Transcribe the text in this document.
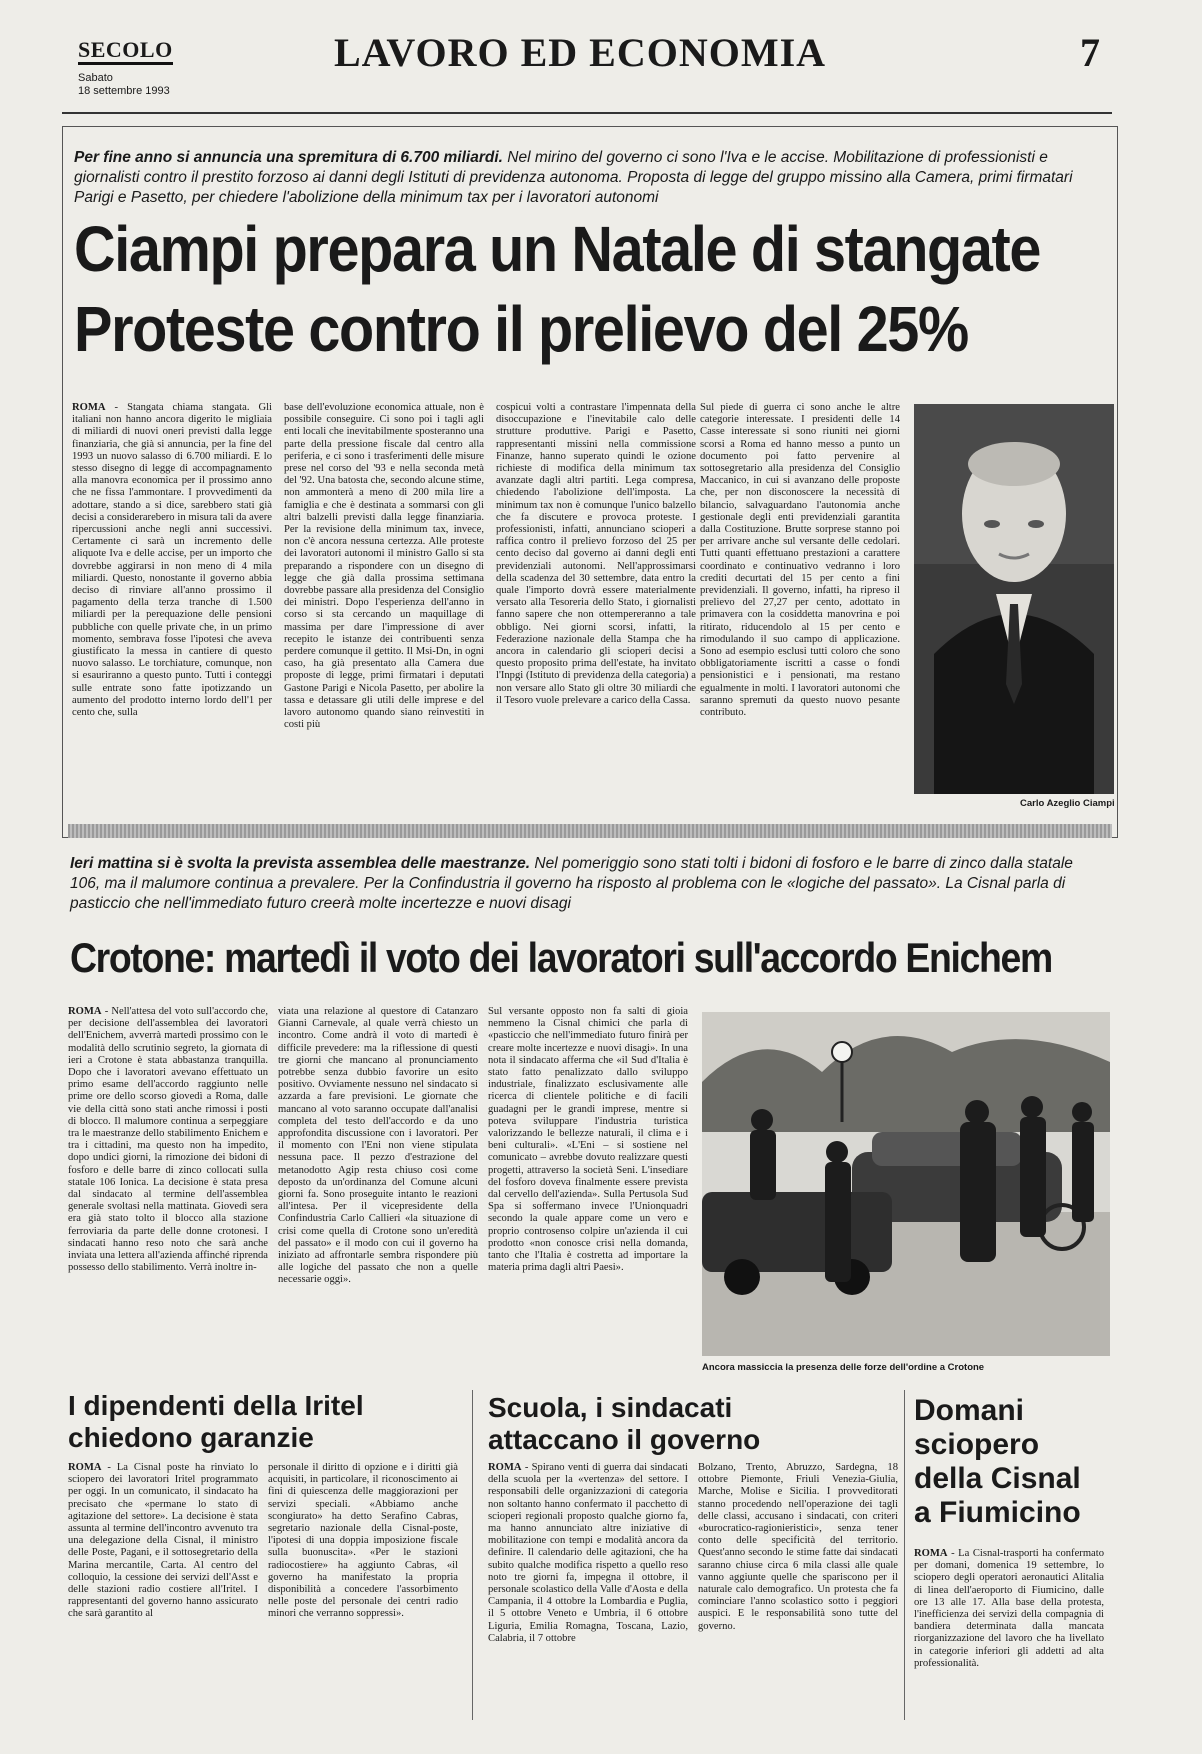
SECOLO
Sabato
18 settembre 1993
LAVORO ED ECONOMIA	7
Per fine anno si annuncia una spremitura di 6.700 miliardi. Nel mirino del governo ci sono l'Iva e le accise. Mobilitazione di professionisti e giornalisti contro il prestito forzoso ai danni degli Istituti di previdenza autonoma. Proposta di legge del gruppo missino alla Camera, primi firmatari Parigi e Pasetto, per chiedere l'abolizione della minimum tax per i lavoratori autonomi
Ciampi prepara un Natale di stangate
Proteste contro il prelievo del 25%
ROMA - Stangata chiama stangata. Gli italiani non hanno ancora digerito le migliaia di miliardi di nuovi oneri previsti dalla legge finanziaria, che già si annuncia, per la fine del 1993 un nuovo salasso di 6.700 miliardi. E lo stesso disegno di legge di accompagnamento alla manovra economica per il prossimo anno che ne fissa l'ammontare. I provvedimenti da adottare, stando a si dice, sarebbero stati già decisi a considerarebero in misura tali da avere ripercussioni anche negli anni successivi. Certamente ci sarà un incremento delle aliquote Iva e delle accise, per un importo che dovrebbe aggirarsi in non meno di 4 mila miliardi. Questo, nonostante il governo abbia deciso di rinviare all'anno prossimo il pagamento della terza tranche di 1.500 miliardi per la perequazione delle pensioni pubbliche con quelle private che, in un primo momento, sembrava fosse l'ipotesi che aveva giustificato la messa in cantiere di questo nuovo salasso. Le torchiature, comunque, non si esauriranno a questo punto. Tutti i conteggi sulle entrate sono fatte ipotizzando un aumento del prodotto interno lordo dell'1 per cento che, sulla
base dell'evoluzione economica attuale, non è possibile conseguire. Ci sono poi i tagli agli enti locali che inevitabilmente sposteranno una parte della pressione fiscale dal centro alla periferia, e ci sono i trasferimenti delle misure prese nel corso del '93 e nella seconda metà del '92. Una batosta che, secondo alcune stime, non ammonterà a meno di 200 mila lire a famiglia e che è destinata a sommarsi con gli altri balzelli previsti dalla legge finanziaria. Per la revisione della minimum tax, invece, non c'è ancora nessuna certezza. Alle proteste dei lavoratori autonomi il ministro Gallo si sta preparando a rispondere con un disegno di legge che già dalla prossima settimana dovrebbe passare alla presidenza del Consiglio dei ministri. Dopo l'esperienza dell'anno in corso si sta cercando un maquillage di massima per dare l'impressione di aver recepito le istanze dei contribuenti senza perdere comunque il gettito. Il Msi-Dn, in ogni caso, ha già presentato alla Camera due proposte di legge, primi firmatari i deputati Gastone Parigi e Nicola Pasetto, per abolire la tassa e detassare gli utili delle imprese e del lavoro autonomo quando siano reinvestiti in costi più
cospicui volti a contrastare l'impennata della disoccupazione e l'inevitabile calo delle strutture produttive. Parigi e Pasetto, rappresentanti missini nella commissione Finanze, hanno superato quindi le ozione richieste di modifica della minimum tax avanzate dagli altri partiti. Lega compresa, chiedendo l'abolizione dell'imposta. La minimum tax non è comunque l'unico balzello che fa discutere e provoca proteste. I professionisti, infatti, annunciano scioperi a raffica contro il prelievo forzoso del 25 per cento deciso dal governo ai danni degli enti previdenziali autonomi. Nell'approssimarsi della scadenza del 30 settembre, data entro la quale l'importo dovrà essere materialmente versato alla Tesoreria dello Stato, i giornalisti fanno sapere che non ottempereranno a tale obbligo. Nei giorni scorsi, infatti, la Federazione nazionale della Stampa che ha ancora in calendario gli scioperi decisi a questo proposito prima dell'estate, ha invitato l'Inpgi (Istituto di previdenza della categoria) a non versare allo Stato gli oltre 30 miliardi che il Tesoro vuole prelevare a carico della Cassa.
Sul piede di guerra ci sono anche le altre categorie interessate. I presidenti delle 14 Casse interessate si sono riuniti nei giorni scorsi a Roma ed hanno messo a punto un documento poi fatto pervenire al sottosegretario alla presidenza del Consiglio Maccanico, in cui si avanzano delle proposte che, per non disconoscere la necessità di bilancio, salvaguardano l'autonomia anche gestionale degli enti previdenziali garantita dalla Costituzione. Brutte sorprese stanno poi per arrivare anche sul versante delle cedolari. Tutti quanti effettuano prestazioni a carattere coordinato e continuativo vedranno i loro crediti decurtati del 15 per cento a fini previdenziali. Il governo, infatti, ha ripreso il prelievo del 27,27 per cento, adottato in primavera con la cosiddetta manovrina e poi ritirato, riducendolo al 15 per cento e rimodulando il suo campo di applicazione. Sono ad esempio esclusi tutti coloro che sono obbligatoriamente iscritti a casse o fondi pensionistici e i pensionati, ma restano egualmente in molti. I lavoratori autonomi che saranno spremuti da questo nuovo pesante contributo.
Carlo Azeglio Ciampi
Ieri mattina si è svolta la prevista assemblea delle maestranze. Nel pomeriggio sono stati tolti i bidoni di fosforo e le barre di zinco dalla statale 106, ma il malumore continua a prevalere. Per la Confindustria il governo ha risposto al problema con le «logiche del passato». La Cisnal parla di pasticcio che nell'immediato futuro creerà molte incertezze e nuovi disagi
Crotone: martedì il voto dei lavoratori sull'accordo Enichem
ROMA - Nell'attesa del voto sull'accordo che, per decisione dell'assemblea dei lavoratori dell'Enichem, avverrà martedì prossimo con le modalità dello scrutinio segreto, la giornata di ieri a Crotone è stata abbastanza tranquilla. Dopo che i lavoratori avevano effettuato un primo esame dell'accordo raggiunto nelle prime ore dello scorso giovedì a Roma, dalle vie della città sono stati anche rimossi i posti di blocco. Il malumore continua a serpeggiare tra le maestranze dello stabilimento Enichem e tra i cittadini, ma questo non ha impedito, dopo undici giorni, la rimozione dei bidoni di fosforo e delle barre di zinco collocati sulla statale 106 Ionica. La decisione è stata presa dal sindacato al termine dell'assemblea generale svoltasi nella mattinata. Giovedì sera era già stato tolto il blocco alla stazione ferroviaria da parte delle donne crotonesi. I sindacati hanno reso noto che sarà anche inviata una lettera all'azienda affinché riprenda possesso dello stabilimento. Verrà inoltre in-
viata una relazione al questore di Catanzaro Gianni Carnevale, al quale verrà chiesto un incontro. Come andrà il voto di martedì è difficile prevedere: ma la riflessione di questi tre giorni che mancano al pronunciamento potrebbe senza dubbio favorire un esito positivo. Ovviamente nessuno nel sindacato si azzarda a fare previsioni. Le giornate che mancano al voto saranno occupate dall'analisi completa del testo dell'accordo e da uno approfondita discussione con i lavoratori. Per il momento con l'Eni non viene stipulata nessuna pace. Il pezzo d'estrazione del metanodotto Agip resta chiuso così come deposto da un'ordinanza del Comune alcuni giorni fa. Sono proseguite intanto le reazioni all'intesa. Per il vicepresidente della Confindustria Carlo Callieri «la situazione di crisi come quella di Crotone sono un'eredità del passato» e il modo con cui il governo ha iniziato ad affrontarle sembra rispondere più alle logiche del passato che non a quelle necessarie oggi».
Sul versante opposto non fa salti di gioia nemmeno la Cisnal chimici che parla di «pasticcio che nell'immediato futuro finirà per creare molte incertezze e nuovi disagi». In una nota il sindacato afferma che «il Sud d'Italia è stato fatto penalizzato dallo sviluppo industriale, finalizzato esclusivamente alle ricerca di clientele politiche e di facili guadagni per le grandi imprese, mentre si poteva sviluppare l'industria turistica valorizzando le bellezze naturali, il clima e i beni culturali». «L'Eni – si sostiene nel comunicato – avrebbe dovuto realizzare questi progetti, attraverso la società Seni. L'insediare del fosforo doveva finalmente essere prevista dal cervello dell'azienda». Sulla Pertusola Sud Spa si soffermano invece l'Unionquadri secondo la quale appare come un vero e proprio controsenso colpire un'azienda il cui prodotto «non conosce crisi nella domanda, tanto che l'Italia è costretta ad importare la materia prima dagli altri Paesi».
Ancora massiccia la presenza delle forze dell'ordine a Crotone
I dipendenti della Iritel chiedono garanzie
ROMA - La Cisnal poste ha rinviato lo sciopero dei lavoratori Iritel programmato per oggi. In un comunicato, il sindacato ha precisato che «permane lo stato di agitazione del settore». La decisione è stata assunta al termine dell'incontro avvenuto tra una delegazione della Cisnal, il ministro delle Poste, Pagani, e il sottosegretario della Marina mercantile, Carta. Al centro del colloquio, la cessione dei servizi dell'Asst e delle stazioni radio costiere all'Iritel. I rappresentanti del governo hanno assicurato che sarà garantito al
personale il diritto di opzione e i diritti già acquisiti, in particolare, il riconoscimento ai fini di quiescenza delle maggiorazioni per servizi speciali. «Abbiamo anche scongiurato» ha detto Serafino Cabras, segretario nazionale della Cisnal-poste, l'ipotesi di una doppia imposizione fiscale sulla buonuscita». «Per le stazioni radiocostiere» ha aggiunto Cabras, «il governo ha manifestato la propria disponibilità a concedere l'assorbimento nelle poste del personale dei centri radio minori che verranno soppressi».
Scuola, i sindacati attaccano il governo
ROMA - Spirano venti di guerra dai sindacati della scuola per la «vertenza» del settore. I responsabili delle organizzazioni di categoria non soltanto hanno confermato il pacchetto di scioperi regionali proposto qualche giorno fa, ma hanno annunciato altre iniziative di mobilitazione con tempi e modalità ancora da definire. Il calendario delle agitazioni, che ha subito qualche modifica rispetto a quello reso noto tre giorni fa, impegna il ottobre, il personale scolastico della Valle d'Aosta e della Campania, il 4 ottobre la Lombardia e Puglia, il 5 ottobre Veneto e Umbria, il 6 ottobre Liguria, Emilia Romagna, Toscana, Lazio, Calabria, il 7 ottobre
Bolzano, Trento, Abruzzo, Sardegna, 18 ottobre Piemonte, Friuli Venezia-Giulia, Marche, Molise e Sicilia. I provveditorati stanno procedendo nell'operazione dei tagli delle classi, accusano i sindacati, con criteri «burocratico-ragionieristici», senza tener conto delle specificità del territorio. Quest'anno secondo le stime fatte dai sindacati saranno chiuse circa 6 mila classi alle quale vanno aggiunte quelle che spariscono per il naturale calo demografico. Un protesta che fa cominciare l'anno scolastico sotto i peggiori auspici. E le responsabilità sono tutte del governo.
Domani sciopero della Cisnal a Fiumicino
ROMA - La Cisnal-trasporti ha confermato per domani, domenica 19 settembre, lo sciopero degli operatori aeronautici Alitalia di linea dell'aeroporto di Fiumicino, dalle ore 13 alle 17. Alla base della protesta, l'inefficienza dei servizi della compagnia di bandiera determinata dalla mancata riorganizzazione del lavoro che ha livellato in categorie inferiori gli addetti ad alta professionalità.
